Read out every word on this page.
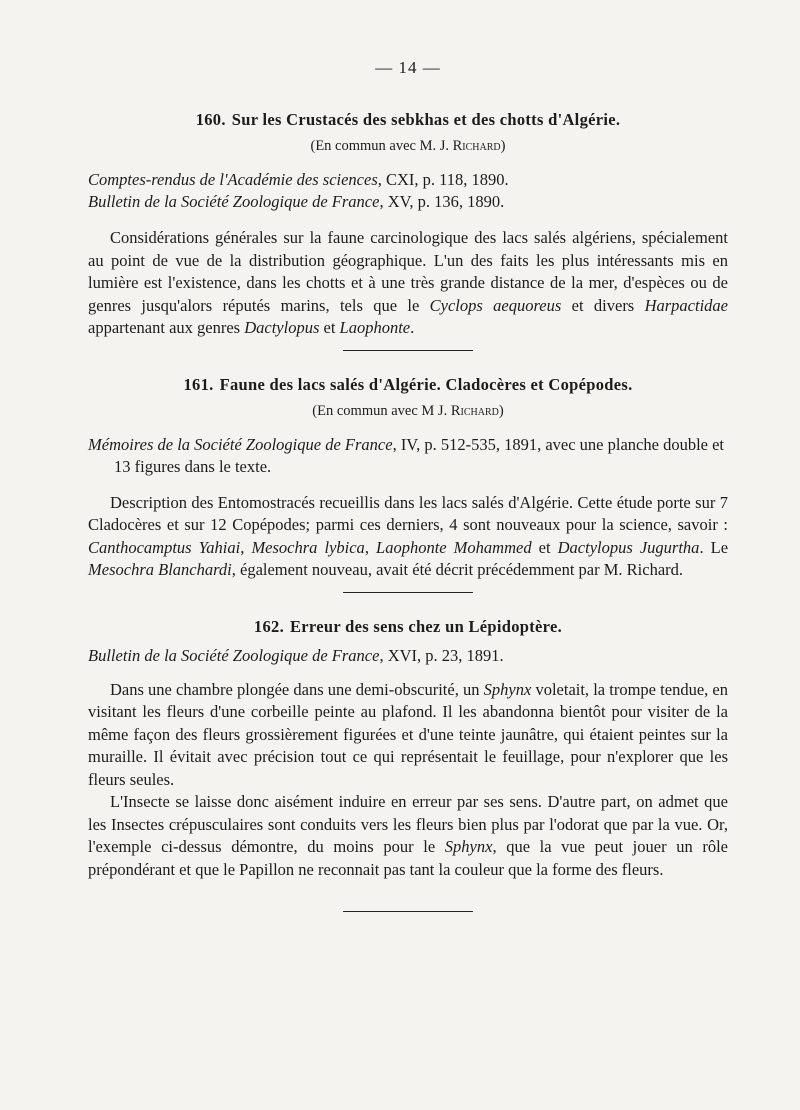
— 14 —
160. Sur les Crustacés des sebkhas et des chotts d'Algérie.

(En commun avec M. J. Richard)

Comptes-rendus de l'Académie des sciences, CXI, p. 118, 1890.

Bulletin de la Société Zoologique de France, XV, p. 136, 1890.

Considérations générales sur la faune carcinologique des lacs salés algériens, spécialement au point de vue de la distribution géographique. L'un des faits les plus intéressants mis en lumière est l'existence, dans les chotts et à une très grande distance de la mer, d'espèces ou de genres jusqu'alors réputés marins, tels que le Cyclops aequoreus et divers Harpactidae appartenant aux genres Dactylopus et Laophonte.

161. Faune des lacs salés d'Algérie. Cladocères et Copépodes.

(En commun avec M J. Richard)

Mémoires de la Société Zoologique de France, IV, p. 512-535, 1891, avec une planche double et 13 figures dans le texte.

Description des Entomostracés recueillis dans les lacs salés d'Algérie. Cette étude porte sur 7 Cladocères et sur 12 Copépodes; parmi ces derniers, 4 sont nouveaux pour la science, savoir : Canthocamptus Yahiai, Mesochra lybica, Laophonte Mohammed et Dactylopus Jugurtha. Le Mesochra Blanchardi, également nouveau, avait été décrit précédemment par M. Richard.

162. Erreur des sens chez un Lépidoptère.

Bulletin de la Société Zoologique de France, XVI, p. 23, 1891.

Dans une chambre plongée dans une demi-obscurité, un Sphynx voletait, la trompe tendue, en visitant les fleurs d'une corbeille peinte au plafond. Il les abandonna bientôt pour visiter de la même façon des fleurs grossièrement figurées et d'une teinte jaunâtre, qui étaient peintes sur la muraille. Il évitait avec précision tout ce qui représentait le feuillage, pour n'explorer que les fleurs seules.

L'Insecte se laisse donc aisément induire en erreur par ses sens. D'autre part, on admet que les Insectes crépusculaires sont conduits vers les fleurs bien plus par l'odorat que par la vue. Or, l'exemple ci-dessus démontre, du moins pour le Sphynx, que la vue peut jouer un rôle prépondérant et que le Papillon ne reconnait pas tant la couleur que la forme des fleurs.
